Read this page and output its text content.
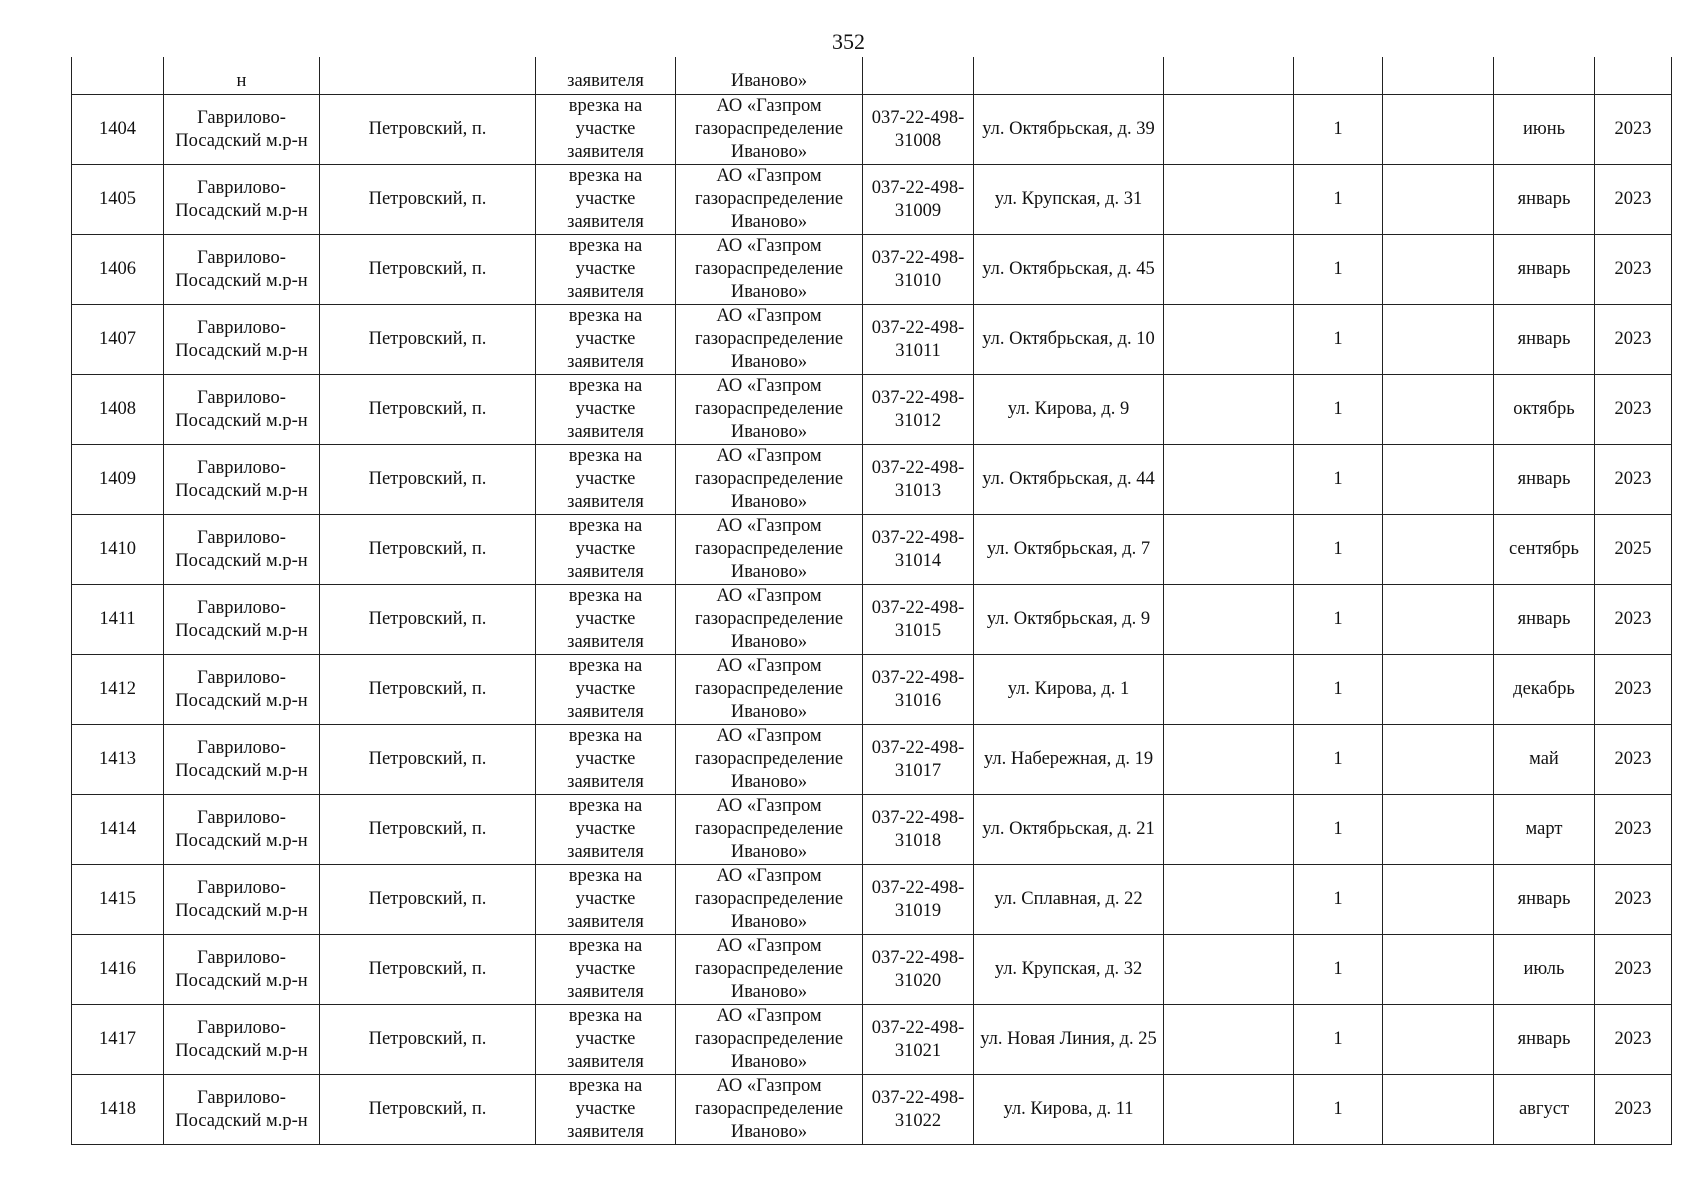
352
	н		заявителя	Иваново»							
1404	Гаврилово-Посадский м.р-н	Петровский, п.	врезка на участке заявителя	АО «Газпром газораспределение Иваново»	037-22-498-31008	ул. Октябрьская, д. 39		1		июнь	2023
1405	Гаврилово-Посадский м.р-н	Петровский, п.	врезка на участке заявителя	АО «Газпром газораспределение Иваново»	037-22-498-31009	ул. Крупская, д. 31		1		январь	2023
1406	Гаврилово-Посадский м.р-н	Петровский, п.	врезка на участке заявителя	АО «Газпром газораспределение Иваново»	037-22-498-31010	ул. Октябрьская, д. 45		1		январь	2023
1407	Гаврилово-Посадский м.р-н	Петровский, п.	врезка на участке заявителя	АО «Газпром газораспределение Иваново»	037-22-498-31011	ул. Октябрьская, д. 10		1		январь	2023
1408	Гаврилово-Посадский м.р-н	Петровский, п.	врезка на участке заявителя	АО «Газпром газораспределение Иваново»	037-22-498-31012	ул. Кирова, д. 9		1		октябрь	2023
1409	Гаврилово-Посадский м.р-н	Петровский, п.	врезка на участке заявителя	АО «Газпром газораспределение Иваново»	037-22-498-31013	ул. Октябрьская, д. 44		1		январь	2023
1410	Гаврилово-Посадский м.р-н	Петровский, п.	врезка на участке заявителя	АО «Газпром газораспределение Иваново»	037-22-498-31014	ул. Октябрьская, д. 7		1		сентябрь	2025
1411	Гаврилово-Посадский м.р-н	Петровский, п.	врезка на участке заявителя	АО «Газпром газораспределение Иваново»	037-22-498-31015	ул. Октябрьская, д. 9		1		январь	2023
1412	Гаврилово-Посадский м.р-н	Петровский, п.	врезка на участке заявителя	АО «Газпром газораспределение Иваново»	037-22-498-31016	ул. Кирова, д. 1		1		декабрь	2023
1413	Гаврилово-Посадский м.р-н	Петровский, п.	врезка на участке заявителя	АО «Газпром газораспределение Иваново»	037-22-498-31017	ул. Набережная, д. 19		1		май	2023
1414	Гаврилово-Посадский м.р-н	Петровский, п.	врезка на участке заявителя	АО «Газпром газораспределение Иваново»	037-22-498-31018	ул. Октябрьская, д. 21		1		март	2023
1415	Гаврилово-Посадский м.р-н	Петровский, п.	врезка на участке заявителя	АО «Газпром газораспределение Иваново»	037-22-498-31019	ул. Сплавная, д. 22		1		январь	2023
1416	Гаврилово-Посадский м.р-н	Петровский, п.	врезка на участке заявителя	АО «Газпром газораспределение Иваново»	037-22-498-31020	ул. Крупская, д. 32		1		июль	2023
1417	Гаврилово-Посадский м.р-н	Петровский, п.	врезка на участке заявителя	АО «Газпром газораспределение Иваново»	037-22-498-31021	ул. Новая Линия, д. 25		1		январь	2023
1418	Гаврилово-Посадский м.р-н	Петровский, п.	врезка на участке заявителя	АО «Газпром газораспределение Иваново»	037-22-498-31022	ул. Кирова, д. 11		1		август	2023
